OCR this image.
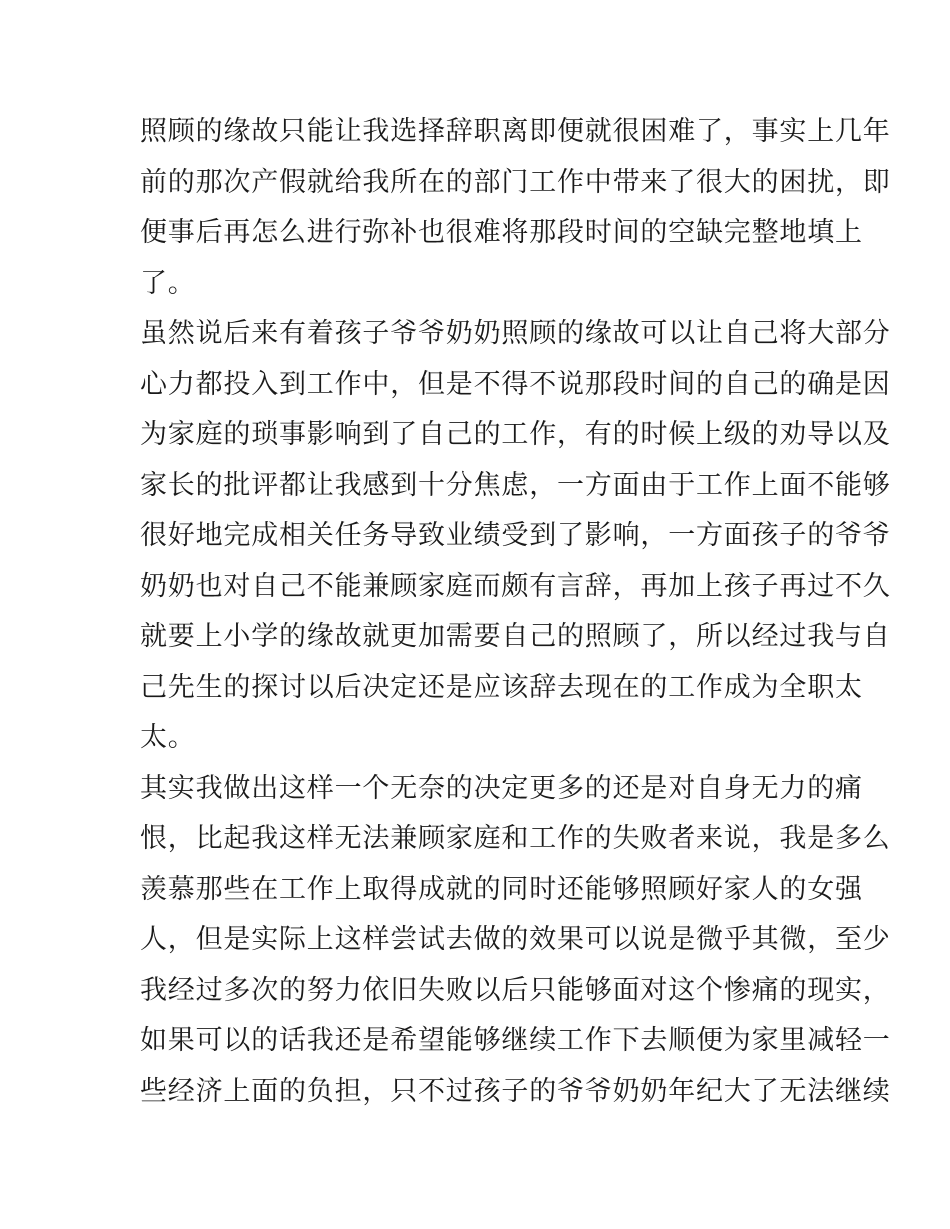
照顾的缘故只能让我选择辞职离即便就很困难了，事实上几年
前的那次产假就给我所在的部门工作中带来了很大的困扰，即
便事后再怎么进行弥补也很难将那段时间的空缺完整地填上
了。
虽然说后来有着孩子爷爷奶奶照顾的缘故可以让自己将大部分
心力都投入到工作中，但是不得不说那段时间的自己的确是因
为家庭的琐事影响到了自己的工作，有的时候上级的劝导以及
家长的批评都让我感到十分焦虑，一方面由于工作上面不能够
很好地完成相关任务导致业绩受到了影响，一方面孩子的爷爷
奶奶也对自己不能兼顾家庭而颇有言辞，再加上孩子再过不久
就要上小学的缘故就更加需要自己的照顾了，所以经过我与自
己先生的探讨以后决定还是应该辞去现在的工作成为全职太
太。
其实我做出这样一个无奈的决定更多的还是对自身无力的痛
恨，比起我这样无法兼顾家庭和工作的失败者来说，我是多么
羡慕那些在工作上取得成就的同时还能够照顾好家人的女强
人，但是实际上这样尝试去做的效果可以说是微乎其微，至少
我经过多次的努力依旧失败以后只能够面对这个惨痛的现实，
如果可以的话我还是希望能够继续工作下去顺便为家里减轻一
些经济上面的负担，只不过孩子的爷爷奶奶年纪大了无法继续
